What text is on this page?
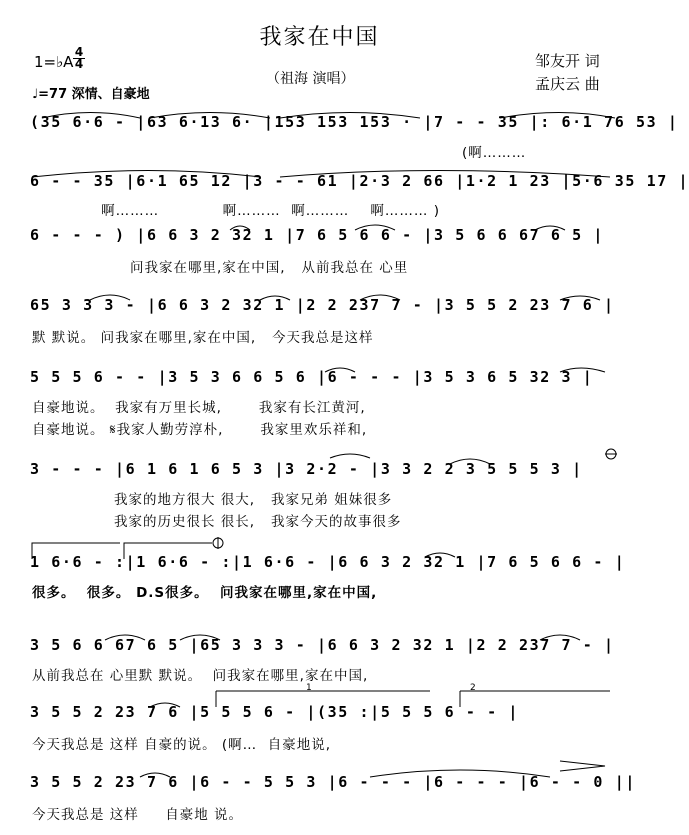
我家在中国
1=♭A
4
4
♩=77 深情、自豪地
（祖海 演唱）
邹友开 词
孟庆云 曲
(35 6·6 - |63 6·13 6· |153 153 153 · |7 - - 35 |: 6·1 76 53 |
(啊………
6 - - 35 |6·1 65 12 |3 - - 61 |2·3 2 66 |1·2 1 23 |5·6 35 17 |
啊………            啊………  啊………    啊……… )
6 - - - ) |6 6 3 2 32 1 |7 6 5 6 6 - |3 5 6 6 67 6 5 |
问我家在哪里,家在中国,   从前我总在 心里
65 3 3 3 - |6 6 3 2 32 1 |2 2 237 7 - |3 5 5 2 23 7 6 |
默 默说。 问我家在哪里,家在中国,   今天我总是这样
5 5 5 6 - - |3 5 3 6 6 5 6 |6 - - - |3 5 3 6 5 32 3 |
自豪地说。  我家有万里长城,       我家有长江黄河,
自豪地说。 𝄋我家人勤劳淳朴,       我家里欢乐祥和,
3 - - - |6 1 6 1 6 5 3 |3 2·2 - |3 3 2 2 3 5 5 5 3 |
我家的地方很大 很大,   我家兄弟 姐妹很多
我家的历史很长 很长,   我家今天的故事很多
1 6·6 - :|1 6·6 - :|1 6·6 - |6 6 3 2 32 1 |7 6 5 6 6 - |
很多。  很多。 D.S很多。  问我家在哪里,家在中国,
3 5 6 6 67 6 5 |65 3 3 3 - |6 6 3 2 32 1 |2 2 237 7 - |
从前我总在 心里默 默说。  问我家在哪里,家在中国,
3 5 5 2 23 7 6 |5 5 5 6 - |(35 :|5 5 5 6 - - |
今天我总是 这样 自豪的说。 (啊…  自豪地说,
1	2
3 5 5 2 23 7 6 |6 - - 5 5 3 |6 - - - |6 - - - |6 - - 0 ||
今天我总是 这样     自豪地 说。
